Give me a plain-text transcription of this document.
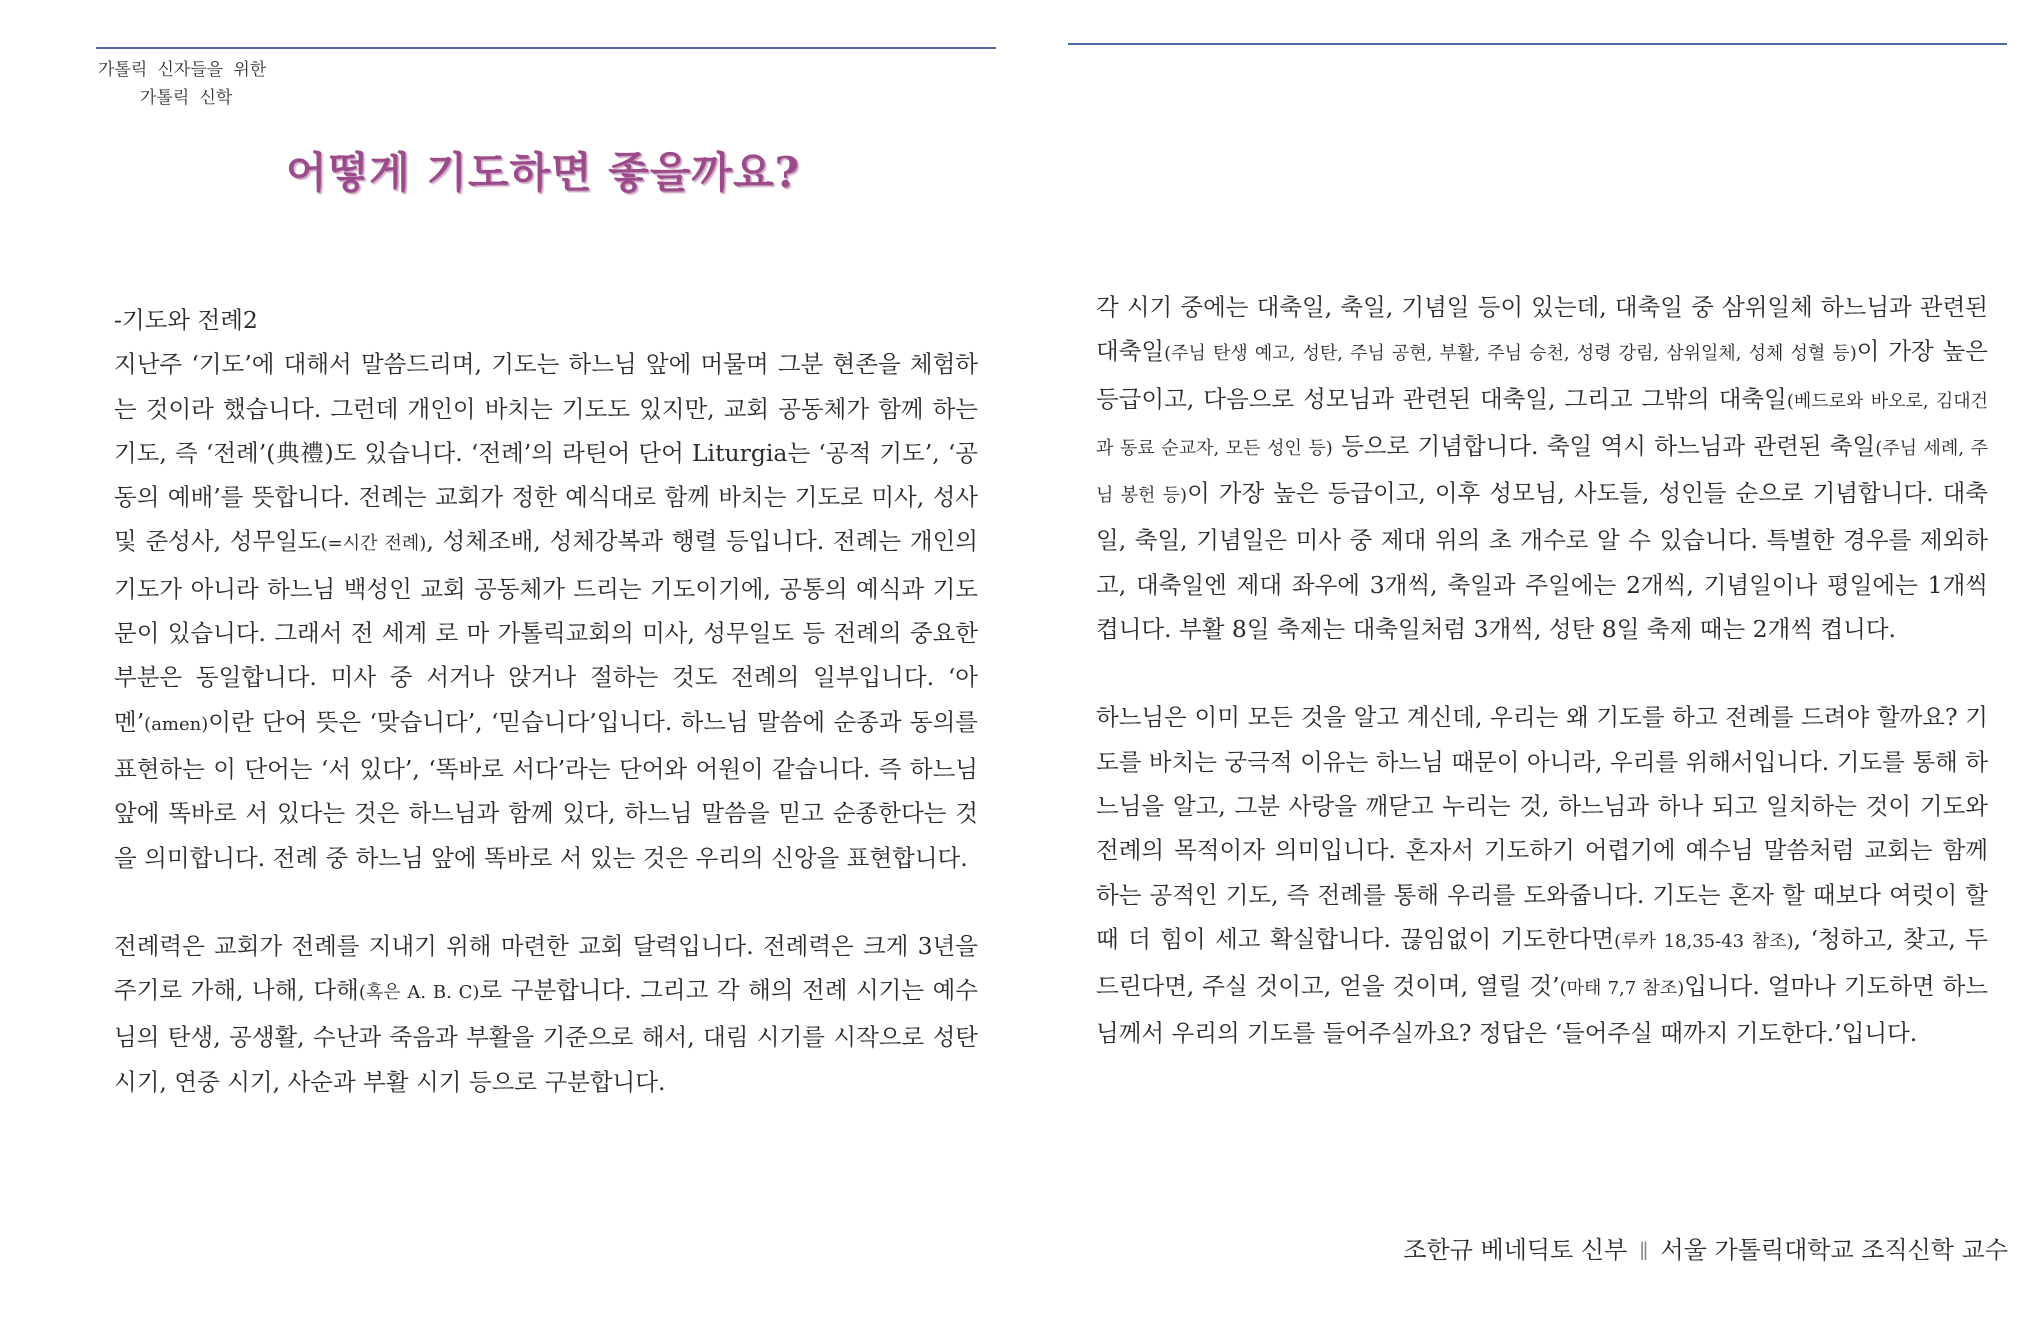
가톨릭 신자들을 위한
가톨릭 신학
어떻게 기도하면 좋을까요?

-기도와 전례2

지난주 ‘기도’에 대해서 말씀드리며, 기도는 하느님 앞에 머물며 그분 현존을 체험하는 것이라 했습니다. 그런데 개인이 바치는 기도도 있지만, 교회 공동체가 함께 하는 기도, 즉 ‘전례’(典禮)도 있습니다. ‘전례’의 라틴어 단어 Liturgia는 ‘공적 기도’, ‘공동의 예배’를 뜻합니다. 전례는 교회가 정한 예식대로 함께 바치는 기도로 미사, 성사 및 준성사, 성무일도(=시간 전례), 성체조배, 성체강복과 행렬 등입니다. 전례는 개인의 기도가 아니라 하느님 백성인 교회 공동체가 드리는 기도이기에, 공통의 예식과 기도문이 있습니다. 그래서 전 세계 로 마 가톨릭교회의 미사, 성무일도 등 전례의 중요한 부분은 동일합니다. 미사 중 서거나 앉거나 절하는 것도 전례의 일부입니다. ‘아멘’(amen)이란 단어 뜻은 ‘맞습니다’, ‘믿습니다’입니다. 하느님 말씀에 순종과 동의를 표현하는 이 단어는 ‘서 있다’, ‘똑바로 서다’라는 단어와 어원이 같습니다. 즉 하느님 앞에 똑바로 서 있다는 것은 하느님과 함께 있다, 하느님 말씀을 믿고 순종한다는 것을 의미합니다. 전례 중 하느님 앞에 똑바로 서 있는 것은 우리의 신앙을 표현합니다.

전례력은 교회가 전례를 지내기 위해 마련한 교회 달력입니다. 전례력은 크게 3년을 주기로 가해, 나해, 다해(혹은 A. B. C)로 구분합니다. 그리고 각 해의 전례 시기는 예수님의 탄생, 공생활, 수난과 죽음과 부활을 기준으로 해서, 대림 시기를 시작으로 성탄 시기, 연중 시기, 사순과 부활 시기 등으로 구분합니다.

각 시기 중에는 대축일, 축일, 기념일 등이 있는데, 대축일 중 삼위일체 하느님과 관련된 대축일(주님 탄생 예고, 성탄, 주님 공현, 부활, 주님 승천, 성령 강림, 삼위일체, 성체 성혈 등)이 가장 높은 등급이고, 다음으로 성모님과 관련된 대축일, 그리고 그밖의 대축일(베드로와 바오로, 김대건과 동료 순교자, 모든 성인 등) 등으로 기념합니다. 축일 역시 하느님과 관련된 축일(주님 세례, 주님 봉헌 등)이 가장 높은 등급이고, 이후 성모님, 사도들, 성인들 순으로 기념합니다. 대축일, 축일, 기념일은 미사 중 제대 위의 초 개수로 알 수 있습니다. 특별한 경우를 제외하고, 대축일엔 제대 좌우에 3개씩, 축일과 주일에는 2개씩, 기념일이나 평일에는 1개씩 켭니다. 부활 8일 축제는 대축일처럼 3개씩, 성탄 8일 축제 때는 2개씩 켭니다.

하느님은 이미 모든 것을 알고 계신데, 우리는 왜 기도를 하고 전례를 드려야 할까요? 기도를 바치는 궁극적 이유는 하느님 때문이 아니라, 우리를 위해서입니다. 기도를 통해 하느님을 알고, 그분 사랑을 깨닫고 누리는 것, 하느님과 하나 되고 일치하는 것이 기도와 전례의 목적이자 의미입니다. 혼자서 기도하기 어렵기에 예수님 말씀처럼 교회는 함께 하는 공적인 기도, 즉 전례를 통해 우리를 도와줍니다. 기도는 혼자 할 때보다 여럿이 할 때 더 힘이 세고 확실합니다. 끊임없이 기도한다면(루카 18,35-43 참조), ‘청하고, 찾고, 두드린다면, 주실 것이고, 얻을 것이며, 열릴 것’(마태 7,7 참조)입니다. 얼마나 기도하면 하느님께서 우리의 기도를 들어주실까요? 정답은 ‘들어주실 때까지 기도한다.’입니다.

조한규 베네딕토 신부 ∥ 서울 가톨릭대학교 조직신학 교수
